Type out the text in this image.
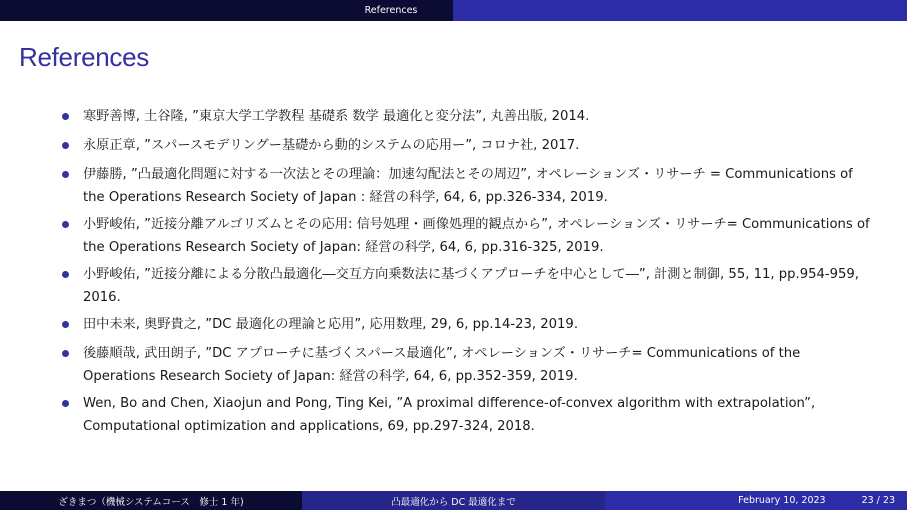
References
References
寒野善博, 土谷隆, ”東京大学工学教程 基礎系 数学 最適化と変分法”, 丸善出版, 2014.
永原正章, ”スパースモデリングー基礎から動的システムの応用ー”, コロナ社, 2017.
伊藤勝, ”凸最適化問題に対する一次法とその理論：加速勾配法とその周辺”, オペレーションズ・リサーチ = Communications of the Operations Research Society of Japan : 経営の科学, 64, 6, pp.326-334, 2019.
小野峻佑, ”近接分離アルゴリズムとその応用: 信号処理・画像処理的観点から”, オペレーションズ・リサーチ= Communications of the Operations Research Society of Japan: 経営の科学, 64, 6, pp.316-325, 2019.
小野峻佑, ”近接分離による分散凸最適化―交互方向乗数法に基づくアプローチを中心として―”, 計測と制御, 55, 11, pp.954-959, 2016.
田中未来, 奥野貴之, ”DC 最適化の理論と応用”, 応用数理, 29, 6, pp.14-23, 2019.
後藤順哉, 武田朗子, ”DC アプローチに基づくスパース最適化”, オペレーションズ・リサーチ= Communications of the Operations Research Society of Japan: 経営の科学, 64, 6, pp.352-359, 2019.
Wen, Bo and Chen, Xiaojun and Pong, Ting Kei, ”A proximal difference-of-convex algorithm with extrapolation”, Computational optimization and applications, 69, pp.297-324, 2018.
ざきまつ（機械システムコース　修士 1 年)	凸最適化から DC 最適化まで	February 10, 2023	23 / 23
